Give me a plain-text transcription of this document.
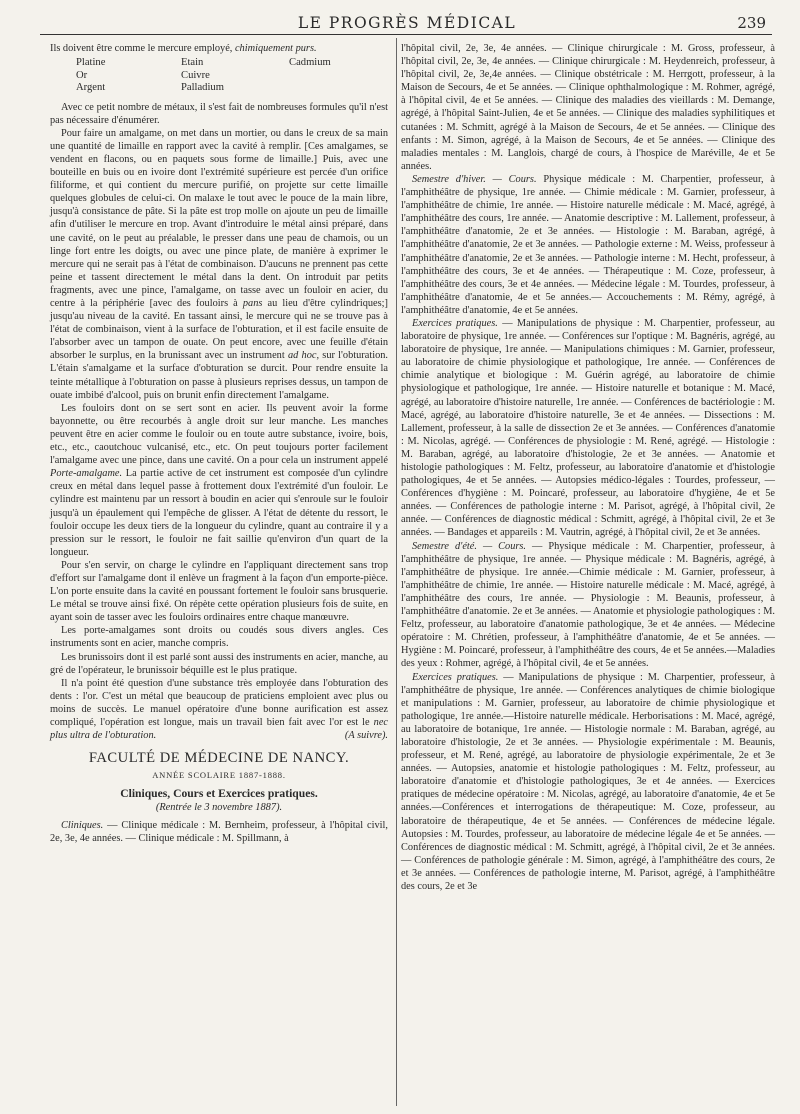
LE PROGRÈS MÉDICAL	239

Ils doivent être comme le mercure employé, chimiquement purs.

Platine	Etain	Cadmium
Or	Cuivre
Argent	Palladium

Avec ce petit nombre de métaux, il s'est fait de nombreuses formules qu'il n'est pas nécessaire d'énumérer.

Pour faire un amalgame, on met dans un mortier, ou dans le creux de sa main une quantité de limaille en rapport avec la cavité à remplir. [Ces amalgames, se vendent en flacons, ou en paquets sous forme de limaille.] Puis, avec une bouteille en buis ou en ivoire dont l'extrémité supérieure est percée d'un orifice filiforme, et qui contient du mercure purifié, on projette sur cette limaille quelques globules de celui-ci. On malaxe le tout avec le pouce de la main libre, jusqu'à consistance de pâte. Si la pâte est trop molle on ajoute un peu de limaille afin d'utiliser le mercure en trop. Avant d'introduire le métal ainsi préparé, dans une cavité, on le peut au préalable, le presser dans une peau de chamois, ou un linge fort entre les doigts, ou avec une pince plate, de manière à exprimer le mercure qui ne serait pas à l'état de combinaison. D'aucuns ne prennent pas cette peine et tassent directement le métal dans la dent. On introduit par petits fragments, avec une pince, l'amalgame, on tasse avec un fouloir en acier, du centre à la périphérie [avec des fouloirs à pans au lieu d'être cylindriques;] jusqu'au niveau de la cavité. En tassant ainsi, le mercure qui ne se trouve pas à l'état de combinaison, vient à la surface de l'obturation, et il est facile ensuite de l'absorber avec un tampon de ouate. On peut encore, avec une feuille d'étain absorber le surplus, en la brunissant avec un instrument ad hoc, sur l'obturation. L'étain s'amalgame et la surface d'obturation se durcit. Pour rendre ensuite la teinte métallique à l'obturation on passe à plusieurs reprises dessus, un tampon de ouate imbibé d'alcool, puis on brunit enfin directement l'amalgame.

Les fouloirs dont on se sert sont en acier. Ils peuvent avoir la forme bayonnette, ou être recourbés à angle droit sur leur manche. Les manches peuvent être en acier comme le fouloir ou en toute autre substance, ivoire, bois, etc., etc., caoutchouc vulcanisé, etc., etc. On peut toujours porter facilement l'amalgame avec une pince, dans une cavité. On a pour cela un instrument appelé Porte-amalgame. La partie active de cet instrument est composée d'un cylindre creux en métal dans lequel passe à frottement doux l'extrémité d'un fouloir. Le cylindre est maintenu par un ressort à boudin en acier qui s'enroule sur le fouloir jusqu'à un épaulement qui l'empêche de glisser. A l'état de détente du ressort, le fouloir occupe les deux tiers de la longueur du cylindre, quant au contraire il y a pression sur le ressort, le fouloir ne fait saillie qu'environ d'un quart de la longueur.

Pour s'en servir, on charge le cylindre en l'appliquant directement sans trop d'effort sur l'amalgame dont il enlève un fragment à la façon d'un emporte-pièce. L'on porte ensuite dans la cavité en poussant fortement le fouloir sans brusquerie. Le métal se trouve ainsi fixé. On répète cette opération plusieurs fois de suite, en ayant soin de tasser avec les fouloirs ordinaires entre chaque manœuvre.

Les porte-amalgames sont droits ou coudés sous divers angles. Ces instruments sont en acier, manche compris.

Les brunissoirs dont il est parlé sont aussi des instruments en acier, manche, au gré de l'opérateur, le brunissoir béquille est le plus pratique.

Il n'a point été question d'une substance très employée dans l'obturation des dents : l'or. C'est un métal que beaucoup de praticiens emploient avec plus ou moins de succès. Le manuel opératoire d'une bonne aurification est assez compliqué, l'opération est longue, mais un travail bien fait avec l'or est le nec plus ultra de l'obturation.	(A suivre).

FACULTÉ DE MÉDECINE DE NANCY.
ANNÉE SCOLAIRE 1887-1888.
Cliniques, Cours et Exercices pratiques.
(Rentrée le 3 novembre 1887).

Cliniques. — Clinique médicale : M. Bernheim, professeur, à l'hôpital civil, 2e, 3e, 4e années. — Clinique médicale : M. Spillmann, à

l'hôpital civil, 2e, 3e, 4e années. — Clinique chirurgicale : M. Gross, professeur, à l'hôpital civil, 2e, 3e, 4e années. — Clinique chirurgicale : M. Heydenreich, professeur, à l'hôpital civil, 2e, 3e,4e années. — Clinique obstétricale : M. Herrgott, professeur, à la Maison de Secours, 4e et 5e années. — Clinique ophthalmologique : M. Rohmer, agrégé, à l'hôpital civil, 4e et 5e années. — Clinique des maladies des vieillards : M. Demange, agrégé, à l'hôpital Saint-Julien, 4e et 5e années. — Clinique des maladies syphilitiques et cutanées : M. Schmitt, agrégé à la Maison de Secours, 4e et 5e années. — Clinique des enfants : M. Simon, agrégé, à la Maison de Secours, 4e et 5e années. — Clinique des maladies mentales : M. Langlois, chargé de cours, à l'hospice de Maréville, 4e et 5e années.

Semestre d'hiver. — Cours. Physique médicale : M. Charpentier, professeur, à l'amphithéâtre de physique, 1re année. — Chimie médicale : M. Garnier, professeur, à l'amphithéâtre de chimie, 1re année. — Histoire naturelle médicale : M. Macé, agrégé, à l'amphithéâtre des cours, 1re année. — Anatomie descriptive : M. Lallement, professeur, à l'amphithéâtre d'anatomie, 2e et 3e années. — Histologie : M. Baraban, agrégé, à l'amphithéâtre d'anatomie, 2e et 3e années. — Pathologie externe : M. Weiss, professeur à l'amphithéâtre d'anatomie, 2e et 3e années. — Pathologie interne : M. Hecht, professeur, à l'amphithéâtre des cours, 3e et 4e années. — Thérapeutique : M. Coze, professeur, à l'amphithéâtre des cours, 3e et 4e années. — Médecine légale : M. Tourdes, professeur, à l'amphithéâtre d'anatomie, 4e et 5e années.— Accouchements : M. Rémy, agrégé, à l'amphithéâtre d'anatomie, 4e et 5e années.

Exercices pratiques. — Manipulations de physique : M. Charpentier, professeur, au laboratoire de physique, 1re année. — Conférences sur l'optique : M. Bagnéris, agrégé, au laboratoire de physique, 1re année. — Manipulations chimiques : M. Garnier, professeur, au laboratoire de chimie physiologique et pathologique, 1re année. — Conférences de chimie analytique et biologique : M. Guérin agrégé, au laboratoire de chimie physiologique et pathologique, 1re année. — Histoire naturelle et botanique : M. Macé, agrégé, au laboratoire d'histoire naturelle, 1re année. — Conférences de bactériologie : M. Macé, agrégé, au laboratoire d'histoire naturelle, 3e et 4e années. — Dissections : M. Lallement, professeur, à la salle de dissection 2e et 3e années. — Conférences d'anatomie : M. Nicolas, agrégé. — Conférences de physiologie : M. René, agrégé. — Histologie : M. Baraban, agrégé, au laboratoire d'histologie, 2e et 3e années. — Anatomie et histologie pathologiques : M. Feltz, professeur, au laboratoire d'anatomie et d'histologie pathologiques, 4e et 5e années. — Autopsies médico-légales : Tourdes, professeur, — Conférences d'hygiène : M. Poincaré, professeur, au laboratoire d'hygiène, 4e et 5e années. — Conférences de pathologie interne : M. Parisot, agrégé, à l'hôpital civil, 2e année. — Conférences de diagnostic médical : Schmitt, agrégé, à l'hôpital civil, 2e et 3e années. — Bandages et appareils : M. Vautrin, agrégé, à l'hôpital civil, 2e et 3e années.

Semestre d'été. — Cours. — Physique médicale : M. Charpentier, professeur, à l'amphithéâtre de physique, 1re année. — Physique médicale : M. Bagnéris, agrégé, à l'amphithéâtre de physique. 1re année.—Chimie médicale : M. Garnier, professeur, à l'amphithéâtre de chimie, 1re année. — Histoire naturelle médicale : M. Macé, agrégé, à l'amphithéâtre des cours, 1re année. — Physiologie : M. Beaunis, professeur, à l'amphithéâtre d'anatomie. 2e et 3e années. — Anatomie et physiologie pathologiques : M. Feltz, professeur, au laboratoire d'anatomie pathologique, 3e et 4e années. — Médecine opératoire : M. Chrétien, professeur, à l'amphithéâtre d'anatomie, 4e et 5e années. — Hygiène : M. Poincaré, professeur, à l'amphithéâtre des cours, 4e et 5e années.—Maladies des yeux : Rohmer, agrégé, à l'hôpital civil, 4e et 5e années.

Exercices pratiques. — Manipulations de physique : M. Charpentier, professeur, à l'amphithéâtre de physique, 1re année. — Conférences analytiques de chimie biologique et manipulations : M. Garnier, professeur, au laboratoire de chimie physiologique et pathologique, 1re année.—Histoire naturelle médicale. Herborisations : M. Macé, agrégé, au laboratoire de botanique, 1re année. — Histologie normale : M. Baraban, agrégé, au laboratoire d'histologie, 2e et 3e années. — Physiologie expérimentale : M. Beaunis, professeur, et M. René, agrégé, au laboratoire de physiologie expérimentale, 2e et 3e années. — Autopsies, anatomie et histologie pathologiques : M. Feltz, professeur, au laboratoire d'anatomie et d'histologie pathologiques, 3e et 4e années. — Exercices pratiques de médecine opératoire : M. Nicolas, agrégé, au laboratoire d'anatomie, 4e et 5e années.—Conférences et interrogations de thérapeutique: M. Coze, professeur, au laboratoire de thérapeutique, 4e et 5e années. — Conférences de médecine légale. Autopsies : M. Tourdes, professeur, au laboratoire de médecine légale 4e et 5e années. — Conférences de diagnostic médical : M. Schmitt, agrégé, à l'hôpital civil, 2e et 3e années. — Conférences de pathologie générale : M. Simon, agrégé, à l'amphithéâtre des cours, 2e et 3e années. — Conférences de pathologie interne, M. Parisot, agrégé, à l'amphithéâtre des cours, 2e et 3e
